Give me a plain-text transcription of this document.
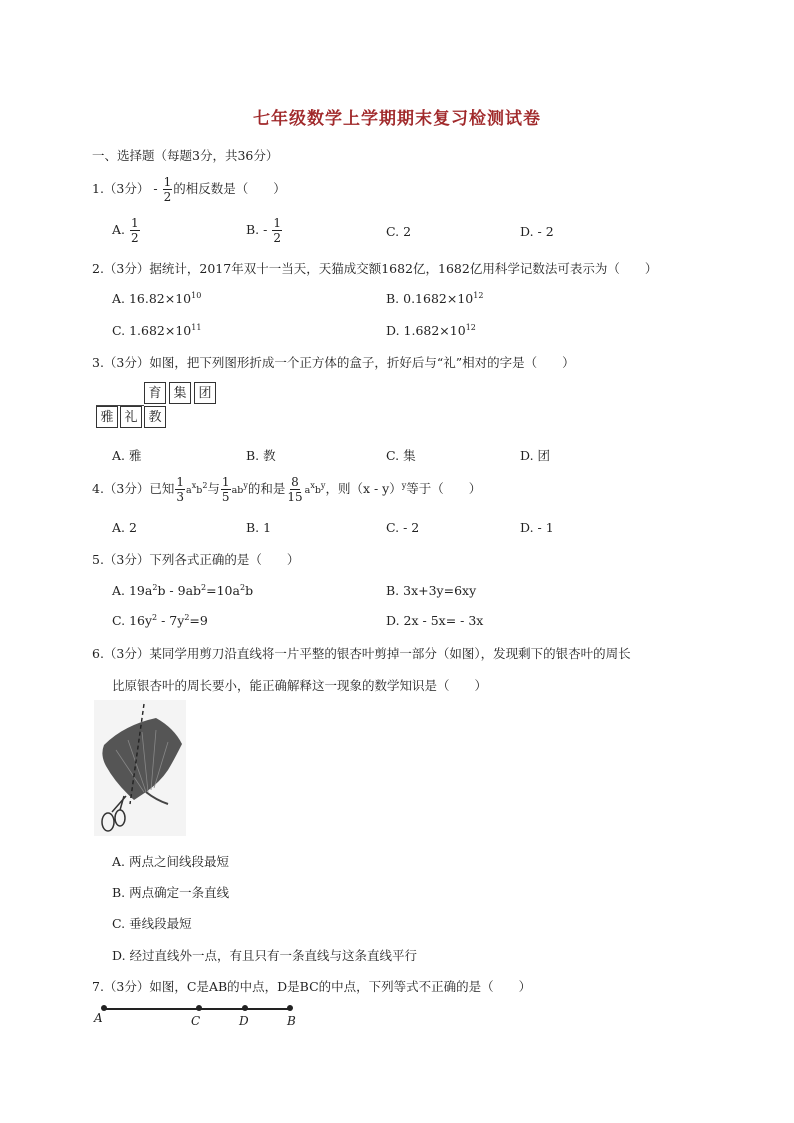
七年级数学上学期期末复习检测试卷
一、选择题（每题3分，共36分）
1.（3分） - $\frac{1}{2}$ 的相反数是（　　）
A. $\frac{1}{2}$	B. - $\frac{1}{2}$	C. 2	D. - 2
2.（3分）据统计，2017年双十一当天，天猫成交额1682亿，1682亿用科学记数法可表示为（　　）
A. $16.82\times 10^{10}$	B. $0.1682\times 10^{12}$
C. $1.682\times 10^{11}$	D. $1.682\times 10^{12}$
3.（3分）如图，把下列图形折成一个正方体的盒子，折好后与“礼”相对的字是（　　）
育 集 团
雅 礼 教
A. 雅	B. 教	C. 集	D. 团
4.（3分）已知 $\frac{1}{3} a^xb^2$与 $\frac{1}{5} ab^y$的和是 $\frac{8}{15} a^xb^y$，则（x - y）$^y$等于（　　）
A. 2	B. 1	C. - 2	D. - 1
5.（3分）下列各式正确的是（　　）
A. $19a^2b - 9ab^2=10a^2b$	B. 3x+3y=6xy
C. $16y^2 - 7y^2=9$	D. 2x - 5x= - 3x
6.（3分）某同学用剪刀沿直线将一片平整的银杏叶剪掉一部分（如图），发现剩下的银杏叶的周长
比原银杏叶的周长要小，能正确解释这一现象的数学知识是（　　）
A. 两点之间线段最短
B. 两点确定一条直线
C. 垂线段最短
D. 经过直线外一点，有且只有一条直线与这条直线平行
7.（3分）如图，C是AB的中点，D是BC的中点，下列等式不正确的是（　　）
A	C	D	B
